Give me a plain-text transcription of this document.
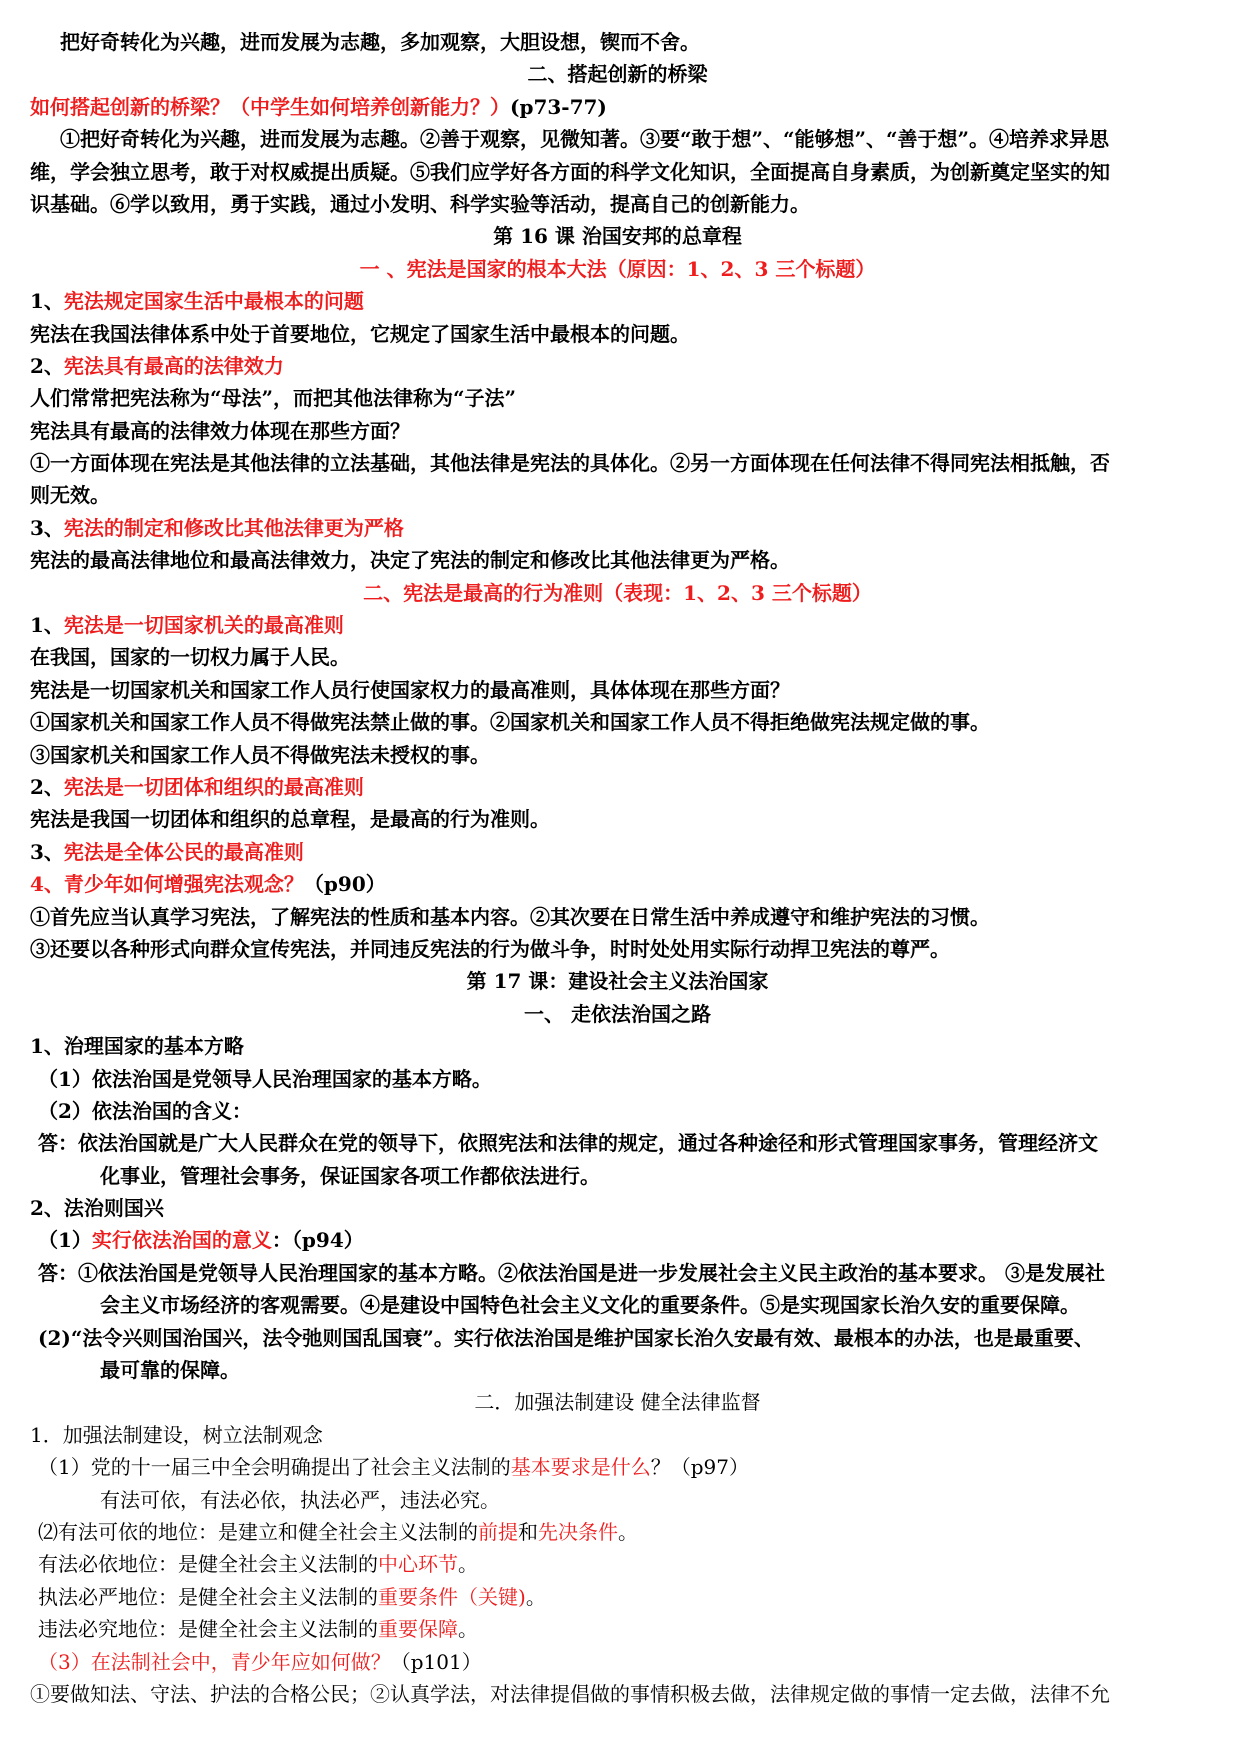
把好奇转化为兴趣，进而发展为志趣，多加观察，大胆设想，锲而不舍。
二、搭起创新的桥梁
如何搭起创新的桥梁？（中学生如何培养创新能力？）(p73-77)
①把好奇转化为兴趣，进而发展为志趣。②善于观察，见微知著。③要“敢于想”、“能够想”、“善于想”。④培养求异思
维，学会独立思考，敢于对权威提出质疑。⑤我们应学好各方面的科学文化知识，全面提高自身素质，为创新奠定坚实的知
识基础。⑥学以致用，勇于实践，通过小发明、科学实验等活动，提高自己的创新能力。
第 16 课 治国安邦的总章程
一 、宪法是国家的根本大法（原因：1、2、3 三个标题）
1、宪法规定国家生活中最根本的问题
宪法在我国法律体系中处于首要地位，它规定了国家生活中最根本的问题。
2、宪法具有最高的法律效力
人们常常把宪法称为“母法”，而把其他法律称为“子法”
宪法具有最高的法律效力体现在那些方面？
①一方面体现在宪法是其他法律的立法基础，其他法律是宪法的具体化。②另一方面体现在任何法律不得同宪法相抵触，否
则无效。
3、宪法的制定和修改比其他法律更为严格
宪法的最高法律地位和最高法律效力，决定了宪法的制定和修改比其他法律更为严格。
二、宪法是最高的行为准则（表现：1、2、3 三个标题）
1、宪法是一切国家机关的最高准则
在我国，国家的一切权力属于人民。
宪法是一切国家机关和国家工作人员行使国家权力的最高准则，具体体现在那些方面？
①国家机关和国家工作人员不得做宪法禁止做的事。②国家机关和国家工作人员不得拒绝做宪法规定做的事。
③国家机关和国家工作人员不得做宪法未授权的事。
2、宪法是一切团体和组织的最高准则
宪法是我国一切团体和组织的总章程，是最高的行为准则。
3、宪法是全体公民的最高准则
4、青少年如何增强宪法观念？（p90）
①首先应当认真学习宪法，了解宪法的性质和基本内容。②其次要在日常生活中养成遵守和维护宪法的习惯。
③还要以各种形式向群众宣传宪法，并同违反宪法的行为做斗争，时时处处用实际行动捍卫宪法的尊严。
第 17 课：建设社会主义法治国家
一、 走依法治国之路
1、治理国家的基本方略
（1）依法治国是党领导人民治理国家的基本方略。
（2）依法治国的含义：
答：依法治国就是广大人民群众在党的领导下，依照宪法和法律的规定，通过各种途径和形式管理国家事务，管理经济文
化事业，管理社会事务，保证国家各项工作都依法进行。
2、法治则国兴
（1）实行依法治国的意义：（p94）
答：①依法治国是党领导人民治理国家的基本方略。②依法治国是进一步发展社会主义民主政治的基本要求。 ③是发展社
会主义市场经济的客观需要。④是建设中国特色社会主义文化的重要条件。⑤是实现国家长治久安的重要保障。
(2)“法令兴则国治国兴，法令弛则国乱国衰”。实行依法治国是维护国家长治久安最有效、最根本的办法，也是最重要、
最可靠的保障。
二．加强法制建设 健全法律监督
1．加强法制建设，树立法制观念
（1）党的十一届三中全会明确提出了社会主义法制的基本要求是什么？（p97）
有法可依，有法必依，执法必严，违法必究。
⑵有法可依的地位：是建立和健全社会主义法制的前提和先决条件。
有法必依地位：是健全社会主义法制的中心环节。
执法必严地位：是健全社会主义法制的重要条件（关键)。
违法必究地位：是健全社会主义法制的重要保障。
（3）在法制社会中，青少年应如何做？（p101）
①要做知法、守法、护法的合格公民；②认真学法，对法律提倡做的事情积极去做，法律规定做的事情一定去做，法律不允
